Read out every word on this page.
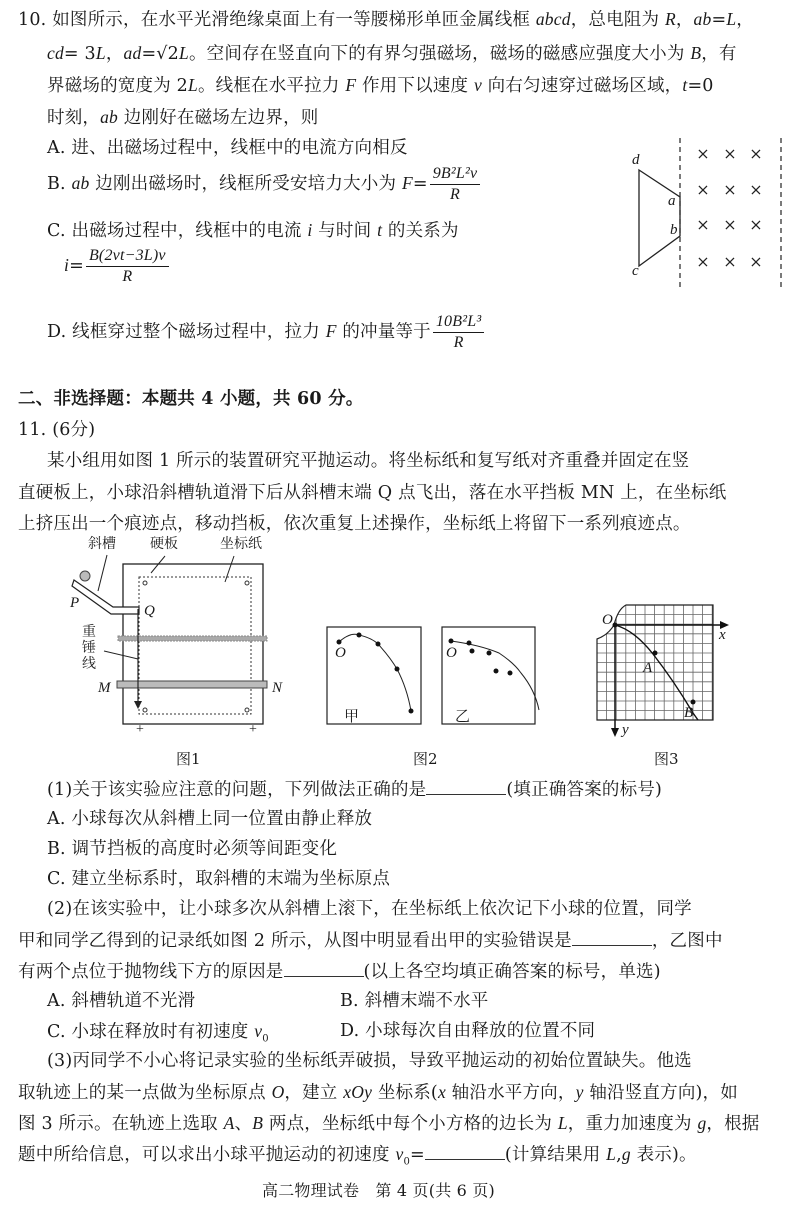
10. 如图所示，在水平光滑绝缘桌面上有一等腰梯形单匝金属线框 abcd，总电阻为 R，ab=L，
cd= 3L，ad=√2L。空间存在竖直向下的有界匀强磁场，磁场的磁感应强度大小为 B，有
界磁场的宽度为 2L。线框在水平拉力 F 作用下以速度 v 向右匀速穿过磁场区域，t=0
时刻，ab 边刚好在磁场左边界，则
A. 进、出磁场过程中，线框中的电流方向相反
B. ab 边刚出磁场时，线框所受安培力大小为 $F= \frac{\text{9B²L²v}}{R}$
C. 出磁场过程中，线框中的电流 i 与时间 t 的关系为
$i= \frac{B(2vt-3L)v}{R}$
D. 线框穿过整个磁场过程中，拉力 F 的冲量等于 $\frac{\text{10B²L³}}{R}$
× × ×
× × ×
× × ×
× × ×
d
a
b
c
二、非选择题：本题共 4 小题，共 60 分。
11. (6分)
某小组用如图 1 所示的装置研究平抛运动。将坐标纸和复写纸对齐重叠并固定在竖
直硬板上，小球沿斜槽轨道滑下后从斜槽末端 Q 点飞出，落在水平挡板 MN 上，在坐标纸
上挤压出一个痕迹点，移动挡板，依次重复上述操作，坐标纸上将留下一系列痕迹点。
斜槽 硬板	坐标纸
P	Q
重
锤
线
M	N
+	+
图1
O
甲
O
乙
图2
O
A
B
x
y
图3
(1)关于该实验应注意的问题，下列做法正确的是	(填正确答案的标号)
A. 小球每次从斜槽上同一位置由静止释放
B. 调节挡板的高度时必须等间距变化
C. 建立坐标系时，取斜槽的末端为坐标原点
(2)在该实验中，让小球多次从斜槽上滚下，在坐标纸上依次记下小球的位置，同学
甲和同学乙得到的记录纸如图 2 所示，从图中明显看出甲的实验错误是	，乙图中
有两个点位于抛物线下方的原因是	(以上各空均填正确答案的标号，单选)
A. 斜槽轨道不光滑	B. 斜槽末端不水平
C. 小球在释放时有初速度 $v_0$	D. 小球每次自由释放的位置不同
(3)丙同学不小心将记录实验的坐标纸弄破损，导致平抛运动的初始位置缺失。他选
取轨迹上的某一点做为坐标原点 O，建立 xOy 坐标系(x 轴沿水平方向，y 轴沿竖直方向)，如
图 3 所示。在轨迹上选取 A、B 两点，坐标纸中每个小方格的边长为 L，重力加速度为 g，根据
题中所给信息，可以求出小球平抛运动的初速度 $v_0=$	(计算结果用 L,g 表示)。
高二物理试卷　第 4 页(共 6 页)
